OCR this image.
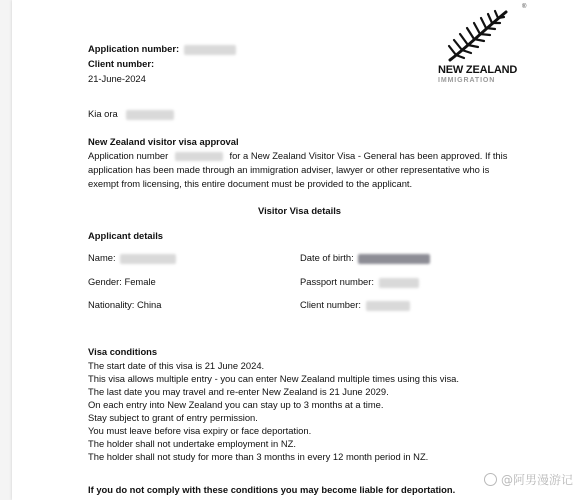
Application number:
Client number:
21-June-2024
®
NEW ZEALAND
IMMIGRATION
Kia ora
New Zealand visitor visa approval
Application number	for a New Zealand Visitor Visa - General has been approved. If this
application has been made through an immigration adviser, lawyer or other representative who is
exempt from licensing, this entire document must be provided to the applicant.
Visitor Visa details
Applicant details
Name:	Date of birth:
Gender: Female	Passport number:
Nationality: China	Client number:
Visa conditions
The start date of this visa is 21 June 2024.
This visa allows multiple entry - you can enter New Zealand multiple times using this visa.
The last date you may travel and re-enter New Zealand is 21 June 2029.
On each entry into New Zealand you can stay up to 3 months at a time.
Stay subject to grant of entry permission.
You must leave before visa expiry or face deportation.
The holder shall not undertake employment in NZ.
The holder shall not study for more than 3 months in every 12 month period in NZ.
If you do not comply with these conditions you may become liable for deportation.
@阿男漫游记
